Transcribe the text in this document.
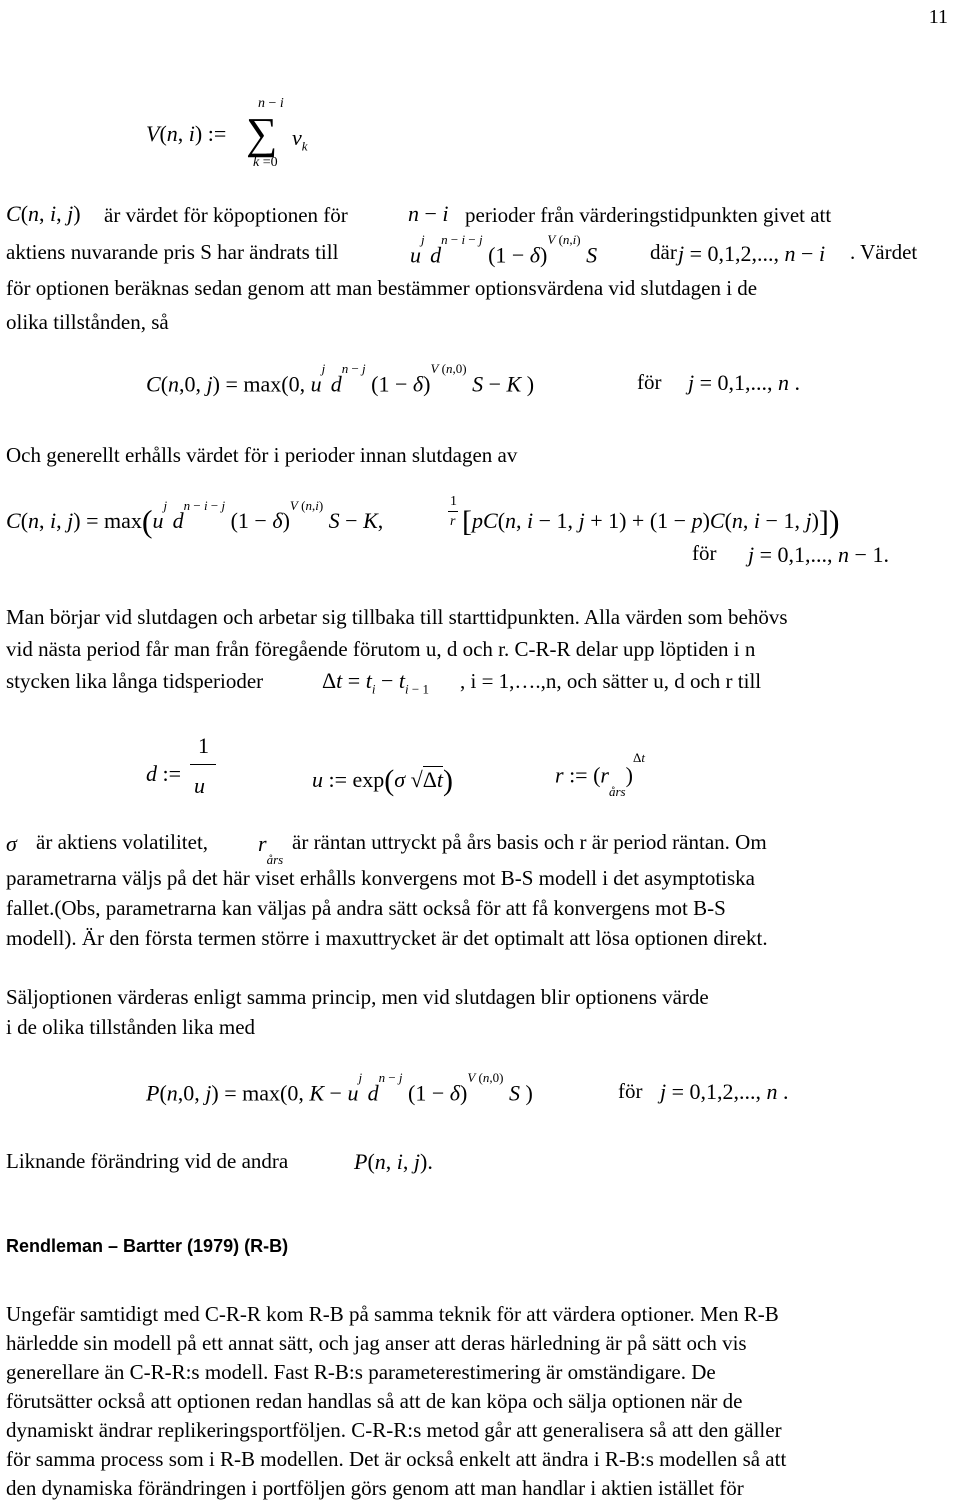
11
V(n, i) :=
n − i
∑
k =0
$v_k$
C(n, i, j) är värdet för köpoptionen för	n − i perioder från värderingstidpunkten givet att
aktiens nuvarande pris S har ändrats till	$u^j$ $d^{n - i - j}$ $(1 - \delta)^{V (n,i)}$ S	där j = 0,1,2,..., n − i . Värdet
för optionen beräknas sedan genom att man bestämmer optionsvärdena vid slutdagen i de
olika tillstånden, så
C(n,0, j) = max(0, $u^j$ $d^{n - j}$ $(1 - \delta)^{V (n,0)}$ S − K )	för j = 0,1,..., n .
Och generellt erhålls värdet för i perioder innan slutdagen av
C(n, i, $j) = \max(u^j$ $d^{n - i - j}$ $(1 - \delta)^{V (n,i)}$ S − K,
1
r [pC(n, i − 1, j + 1) + (1 − p)C(n, i − 1, j)])
för j = 0,1,..., n − 1.
Man börjar vid slutdagen och arbetar sig tillbaka till starttidpunkten. Alla värden som behövs
vid nästa period får man från föregående förutom u, d och r. C-R-R delar upp löptiden i n
stycken lika långa tidsperioder	$\Delta t = t_i - t_{i - 1}$ , i = 1,….,n, och sätter u, d och r till
d :=
1
u	u := exp(σ √Δt)	r := $(r_{års})^{\Delta t}$
σ är aktiens volatilitet, $r_{års}$
är räntan uttryckt på års basis och r är period räntan. Om
parametrarna väljs på det här viset erhålls konvergens mot B-S modell i det asymptotiska
fallet.(Obs, parametrarna kan väljas på andra sätt också för att få konvergens mot B-S
modell). Är den första termen större i maxuttrycket är det optimalt att lösa optionen direkt.
Säljoptionen värderas enligt samma princip, men vid slutdagen blir optionens värde
i de olika tillstånden lika med
P(n,0, j) = max(0, $K - u^j$ $d^{n - j}$ $(1 - \delta)^{V (n,0)}$ S )	för j = 0,1,2,..., n .
Liknande förändring vid de andra	P(n, i, j).
Rendleman – Bartter (1979) (R-B)
Ungefär samtidigt med C-R-R kom R-B på samma teknik för att värdera optioner. Men R-B
härledde sin modell på ett annat sätt, och jag anser att deras härledning är på sätt och vis
generellare än C-R-R:s modell. Fast R-B:s parameterestimering är omständigare. De
förutsätter också att optionen redan handlas så att de kan köpa och sälja optionen när de
dynamiskt ändrar replikeringsportföljen. C-R-R:s metod går att generalisera så att den gäller
för samma process som i R-B modellen. Det är också enkelt att ändra i R-B:s modellen så att
den dynamiska förändringen i portföljen görs genom att man handlar i aktien istället för
